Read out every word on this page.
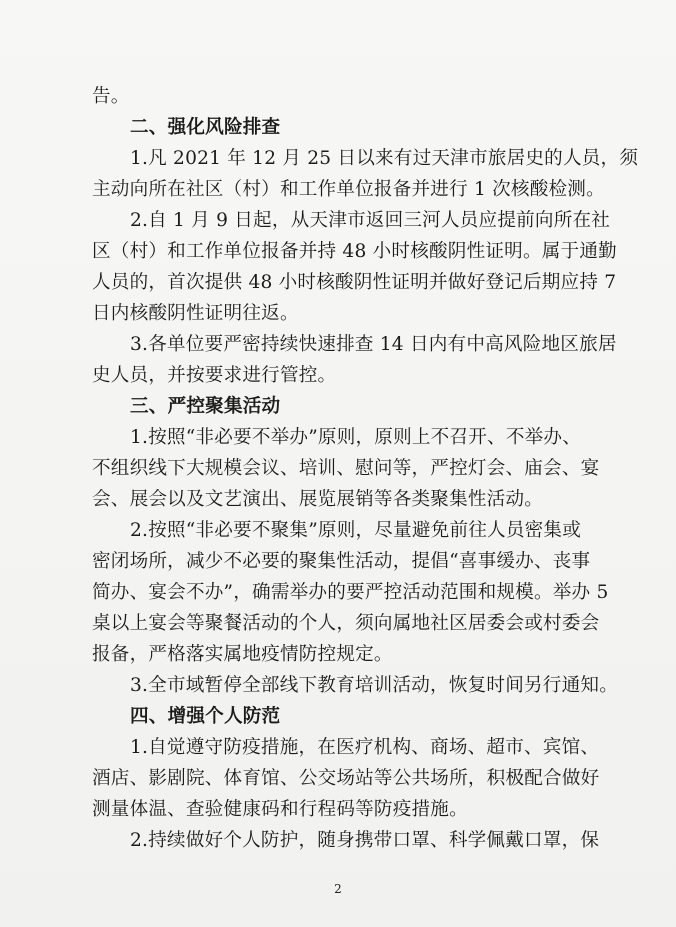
告。
二、强化风险排查
1.凡 2021 年 12 月 25 日以来有过天津市旅居史的人员，须
主动向所在社区（村）和工作单位报备并进行 1 次核酸检测。
2.自 1 月 9 日起，从天津市返回三河人员应提前向所在社
区（村）和工作单位报备并持 48 小时核酸阴性证明。属于通勤
人员的，首次提供 48 小时核酸阴性证明并做好登记后期应持 7
日内核酸阴性证明往返。
3.各单位要严密持续快速排查 14 日内有中高风险地区旅居
史人员，并按要求进行管控。
三、严控聚集活动
1.按照“非必要不举办”原则，原则上不召开、不举办、
不组织线下大规模会议、培训、慰问等，严控灯会、庙会、宴
会、展会以及文艺演出、展览展销等各类聚集性活动。
2.按照“非必要不聚集”原则，尽量避免前往人员密集或
密闭场所，减少不必要的聚集性活动，提倡“喜事缓办、丧事
简办、宴会不办”，确需举办的要严控活动范围和规模。举办 5
桌以上宴会等聚餐活动的个人，须向属地社区居委会或村委会
报备，严格落实属地疫情防控规定。
3.全市域暂停全部线下教育培训活动，恢复时间另行通知。
四、增强个人防范
1.自觉遵守防疫措施，在医疗机构、商场、超市、宾馆、
酒店、影剧院、体育馆、公交场站等公共场所，积极配合做好
测量体温、查验健康码和行程码等防疫措施。
2.持续做好个人防护，随身携带口罩、科学佩戴口罩，保
2
